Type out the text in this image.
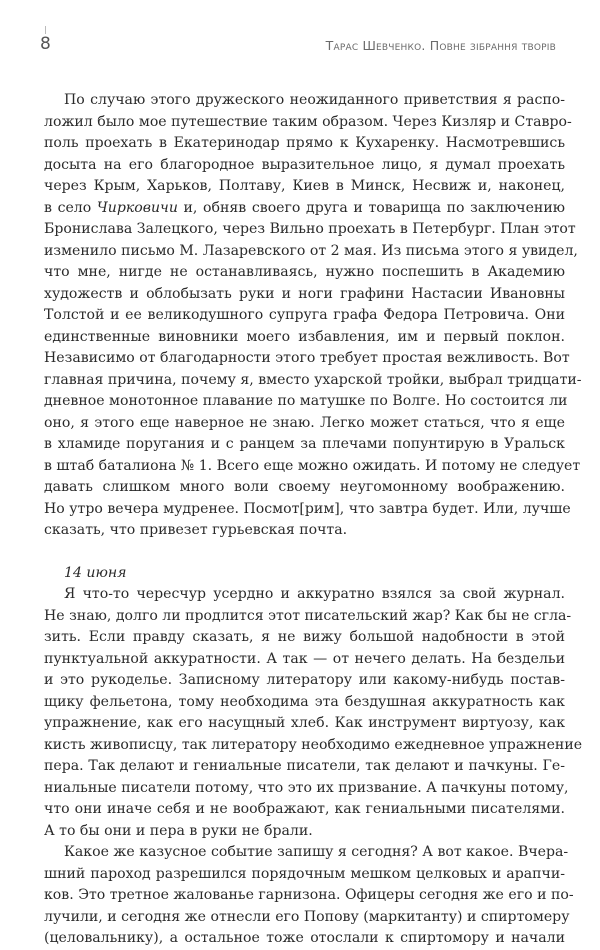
8	Тарас Шевченко. Повне зібрання творів
По случаю этого дружеского неожиданного приветствия я распо-
ложил было мое путешествие таким образом. Через Кизляр и Ставро-
поль проехать в Екатеринодар прямо к Кухаренку. Насмотревшись
досыта на его благородное выразительное лицо, я думал проехать
через Крым, Харьков, Полтаву, Киев в Минск, Несвиж и, наконец,
в село Чирковичи и, обняв своего друга и товарища по заключению
Бронислава Залецкого, через Вильно проехать в Петербург. План этот
изменило письмо М. Лазаревского от 2 мая. Из письма этого я увидел,
что мне, нигде не останавливаясь, нужно поспешить в Академию
художеств и облобызать руки и ноги графини Настасии Ивановны
Толстой и ее великодушного супруга графа Федора Петровича. Они
единственные виновники моего избавления, им и первый поклон.
Независимо от благодарности этого требует простая вежливость. Вот
главная причина, почему я, вместо ухарской тройки, выбрал тридцати-
дневное монотонное плавание по матушке по Волге. Но состоится ли
оно, я этого еще наверное не знаю. Легко может статься, что я еще
в хламиде поругания и с ранцем за плечами попунтирую в Уральск
в штаб баталиона № 1. Всего еще можно ожидать. И потому не следует
давать слишком много воли своему неугомонному воображению.
Но утро вечера мудренее. Посмот[рим], что завтра будет. Или, лучше
сказать, что привезет гурьевская почта.
14 июня
Я что-то чересчур усердно и аккуратно взялся за свой журнал.
Не знаю, долго ли продлится этот писательский жар? Как бы не сгла-
зить. Если правду сказать, я не вижу большой надобности в этой
пунктуальной аккуратности. А так — от нечего делать. На бездельи
и это рукоделье. Записному литератору или какому-нибудь постав-
щику фельетона, тому необходима эта бездушная аккуратность как
упражнение, как его насущный хлеб. Как инструмент виртуозу, как
кисть живописцу, так литератору необходимо ежедневное упражнение
пера. Так делают и гениальные писатели, так делают и пачкуны. Ге-
ниальные писатели потому, что это их призвание. А пачкуны потому,
что они иначе себя и не воображают, как гениальными писателями.
А то бы они и пера в руки не брали.
Какое же казусное событие запишу я сегодня? А вот какое. Вчера-
шний пароход разрешился порядочным мешком целковых и арапчи-
ков. Это третное жалованье гарнизона. Офицеры сегодня же его и по-
лучили, и сегодня же отнесли его Попову (маркитанту) и спиртомеру
(целовальнику), а остальное тоже отослали к спиртомору и начали
